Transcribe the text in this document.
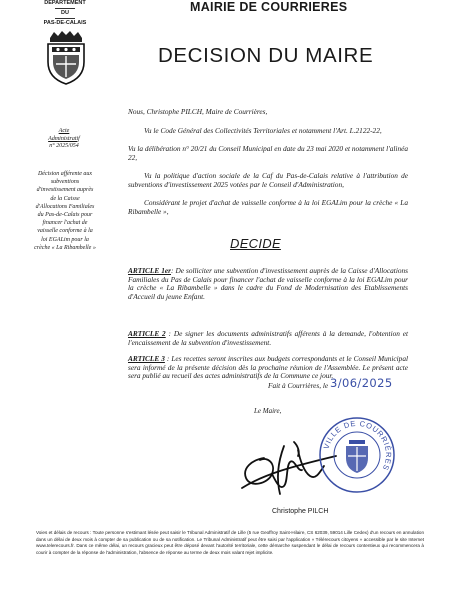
DÉPARTEMENT
DU
PAS-DE-CALAIS
MAIRIE DE COURRIERES
DECISION DU MAIRE
Acte
Administratif
n° 2025/054
Décision afférente aux subventions d'investissement auprès de la Caisse d'Allocations Familiales du Pas-de-Calais pour financer l'achat de vaisselle conforme à la loi EGALim pour la crèche « La Ribambelle »

Nous, Christophe PILCH, Maire de Courrières,

Vu le Code Général des Collectivités Territoriales et notamment l'Art. L.2122-22,

Vu la délibération n° 20/21 du Conseil Municipal en date du 23 mai 2020 et notamment l'alinéa 22,

Vu la politique d'action sociale de la Caf du Pas-de-Calais relative à l'attribution de subventions d'investissement 2025 votées par le Conseil d'Administration,

Considérant le projet d'achat de vaisselle conforme à la loi EGALim pour la crèche « La Ribambelle »,

DECIDE

ARTICLE 1er: De solliciter une subvention d'investissement auprès de la Caisse d'Allocations Familiales du Pas de Calais pour financer l'achat de vaisselle conforme à la loi EGALim pour la crèche « La Ribambelle » dans le cadre du Fond de Modernisation des Etablissements d'Accueil du jeune Enfant.

ARTICLE 2 : De signer les documents administratifs afférents à la demande, l'obtention et l'encaissement de la subvention d'investissement.

ARTICLE 3 : Les recettes seront inscrites aux budgets correspondants et le Conseil Municipal sera informé de la présente décision dès la prochaine réunion de l'Assemblée. Le présent acte sera publié au recueil des actes administratifs de la Commune ce jour.

Fait à Courrières, le 3/06/2025
Le Maire,
VILLE DE COURRIÈRES
Christophe PILCH

Voies et délais de recours : Toute personne s'estimant lésée peut saisir le Tribunal Administratif de Lille (5 rue Geoffroy Saint-Hilaire, CS 62039, 59014 Lille Cedex) d'un recours en annulation dans un délai de deux mois à compter de sa publication ou de sa notification. Le Tribunal Administratif peut être saisi par l'application « Télérecours citoyens » accessible par le site Internet www.telerecours.fr. Dans ce même délai, un recours gracieux peut être déposé devant l'autorité territoriale, cette démarche suspendant le délai de recours contentieux qui recommencera à courir à compter de la réponse de l'administration, l'absence de réponse au terme de deux mois valant rejet implicite.
